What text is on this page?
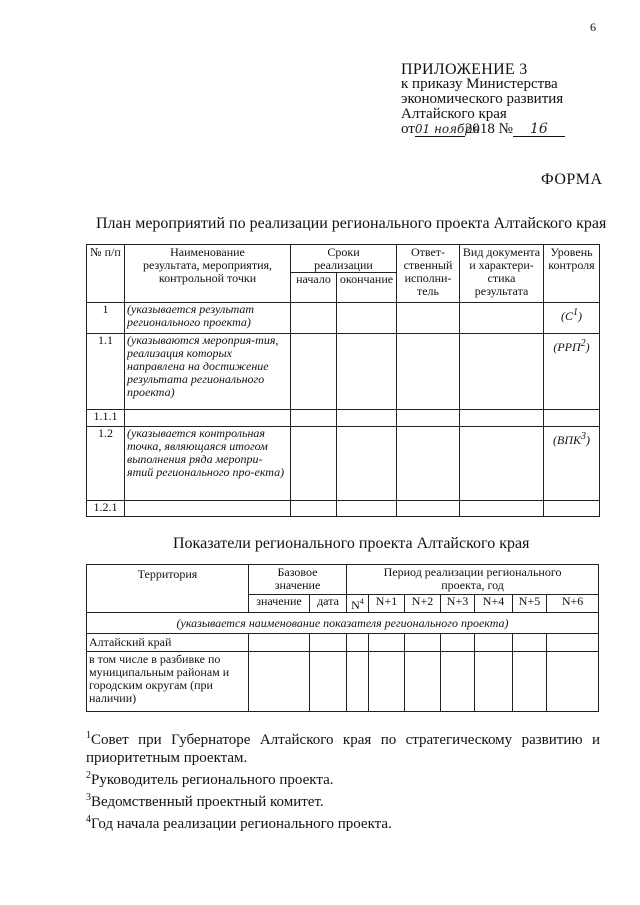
6
ПРИЛОЖЕНИЕ 3
к приказу Министерства
экономического развития
Алтайского края
от01 ноября2018 № 16
ФОРМА
План мероприятий по реализации регионального проекта Алтайского края
№ п/п	Наименование результата, мероприятия, контрольной точки	Сроки реализации		Ответ-ственный исполни-тель	Вид документа и характери-стика результата	Уровень контроля
		начало	окончание			
1	(указывается результат регионального проекта)					$(С^1)$
1.1	(указываются мероприя-тия, реализация которых направлена на достижение результата регионального проекта)					(РРП$^2$)
1.1.1						
1.2	(указывается контрольная точка, являющаяся итогом выполнения ряда меропри-ятий регионального про-екта)					(ВПК$^3$)
1.2.1						
Показатели регионального проекта Алтайского края
Территория	Базовое значение		Период реализации регионального проекта, год						
	значение	дата	$N^4$	N+1	N+2	N+3	N+4	N+5	N+6
(указывается наименование показателя регионального проекта)									
Алтайский край									
в том числе в разбивке по муниципальным районам и городским округам (при наличии)									

$^1$Совет при Губернаторе Алтайского края по стратегическому развитию и приоритетным проектам.

$^2$Руководитель регионального проекта.

$^3$Ведомственный проектный комитет.

$^4$Год начала реализации регионального проекта.
